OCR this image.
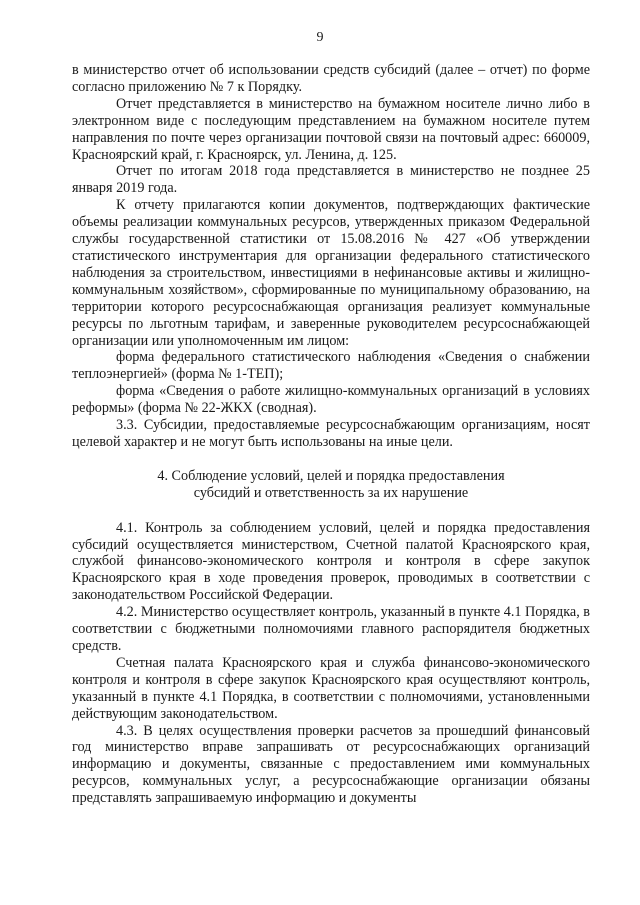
9

в министерство отчет об использовании средств субсидий (далее – отчет) по форме согласно приложению № 7 к Порядку.

Отчет представляется в министерство на бумажном носителе лично либо в электронном виде с последующим представлением на бумажном носителе путем направления по почте через организации почтовой связи на почтовый адрес: 660009, Красноярский край, г. Красноярск, ул. Ленина, д. 125.

Отчет по итогам 2018 года представляется в министерство не позднее 25 января 2019 года.

К отчету прилагаются копии документов, подтверждающих фактические объемы реализации коммунальных ресурсов, утвержденных приказом Федеральной службы государственной статистики от 15.08.2016 № 427 «Об утверждении статистического инструментария для организации федерального статистического наблюдения за строительством, инвестициями в нефинансовые активы и жилищно-коммунальным хозяйством», сформированные по муниципальному образованию, на территории которого ресурсоснабжающая организация реализует коммунальные ресурсы по льготным тарифам, и заверенные руководителем ресурсоснабжающей организации или уполномоченным им лицом:

форма федерального статистического наблюдения «Сведения о снабжении теплоэнергией» (форма № 1-ТЕП);

форма «Сведения о работе жилищно-коммунальных организаций в условиях реформы» (форма № 22-ЖКХ (сводная).

3.3. Субсидии, предоставляемые ресурсоснабжающим организациям, носят целевой характер и не могут быть использованы на иные цели.

4. Соблюдение условий, целей и порядка предоставления
субсидий и ответственность за их нарушение

4.1. Контроль за соблюдением условий, целей и порядка предоставления субсидий осуществляется министерством, Счетной палатой Красноярского края, службой финансово-экономического контроля и контроля в сфере закупок Красноярского края в ходе проведения проверок, проводимых в соответствии с законодательством Российской Федерации.

4.2. Министерство осуществляет контроль, указанный в пункте 4.1 Порядка, в соответствии с бюджетными полномочиями главного распорядителя бюджетных средств.

Счетная палата Красноярского края и служба финансово-экономического контроля и контроля в сфере закупок Красноярского края осуществляют контроль, указанный в пункте 4.1 Порядка, в соответствии с полномочиями, установленными действующим законодательством.

4.3. В целях осуществления проверки расчетов за прошедший финансовый год министерство вправе запрашивать от ресурсоснабжающих организаций информацию и документы, связанные с предоставлением ими коммунальных ресурсов, коммунальных услуг, а ресурсоснабжающие организации обязаны представлять запрашиваемую информацию и документы
